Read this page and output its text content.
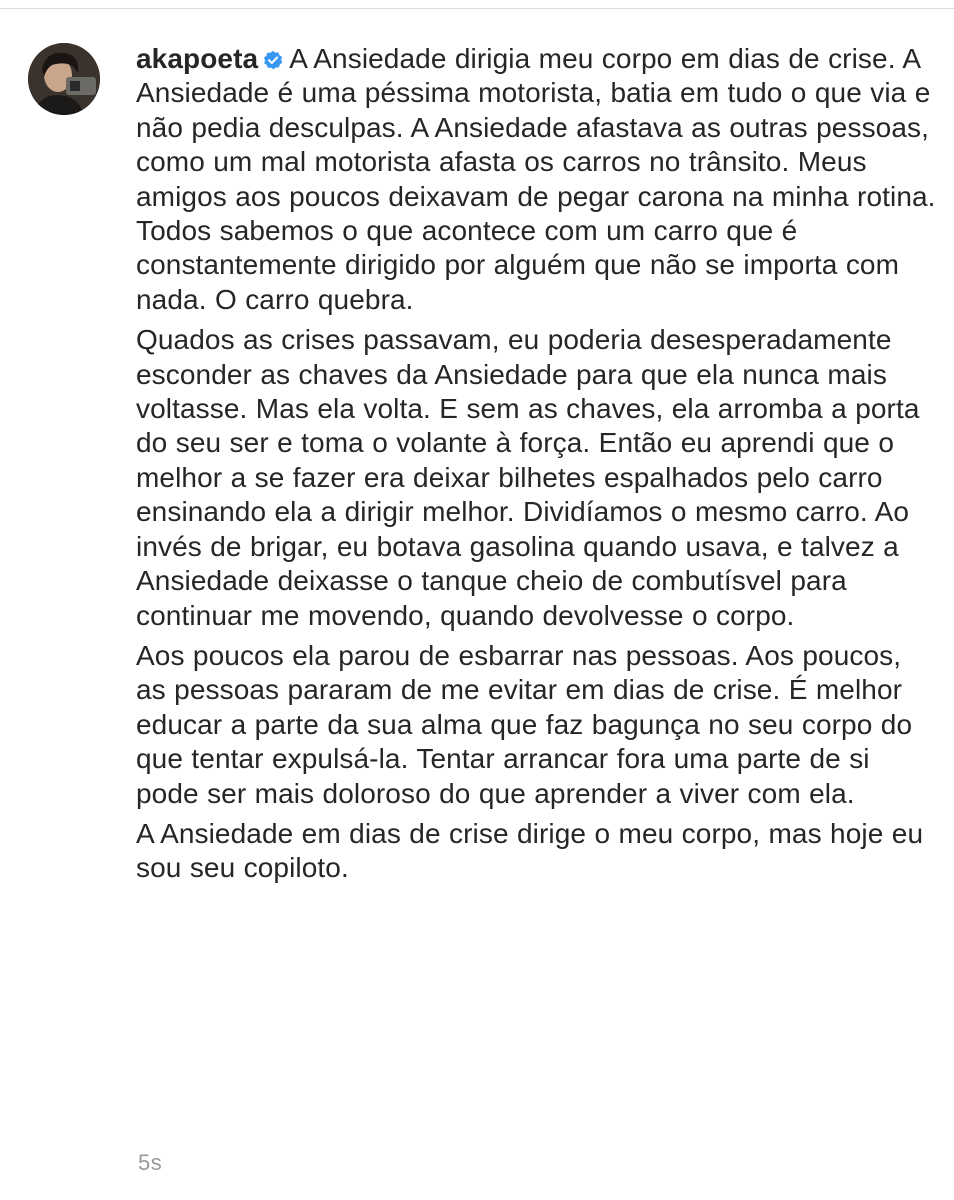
akapoeta A Ansiedade dirigia meu corpo em dias de crise. A Ansiedade é uma péssima motorista, batia em tudo o que via e não pedia desculpas. A Ansiedade afastava as outras pessoas, como um mal motorista afasta os carros no trânsito. Meus amigos aos poucos deixavam de pegar carona na minha rotina. Todos sabemos o que acontece com um carro que é constantemente dirigido por alguém que não se importa com nada. O carro quebra.

Quados as crises passavam, eu poderia desesperadamente esconder as chaves da Ansiedade para que ela nunca mais voltasse. Mas ela volta. E sem as chaves, ela arromba a porta do seu ser e toma o volante à força. Então eu aprendi que o melhor a se fazer era deixar bilhetes espalhados pelo carro ensinando ela a dirigir melhor. Dividíamos o mesmo carro. Ao invés de brigar, eu botava gasolina quando usava, e talvez a Ansiedade deixasse o tanque cheio de combutísvel para continuar me movendo, quando devolvesse o corpo.

Aos poucos ela parou de esbarrar nas pessoas. Aos poucos, as pessoas pararam de me evitar em dias de crise. É melhor educar a parte da sua alma que faz bagunça no seu corpo do que tentar expulsá-la. Tentar arrancar fora uma parte de si pode ser mais doloroso do que aprender a viver com ela.

A Ansiedade em dias de crise dirige o meu corpo, mas hoje eu sou seu copiloto.

5s
